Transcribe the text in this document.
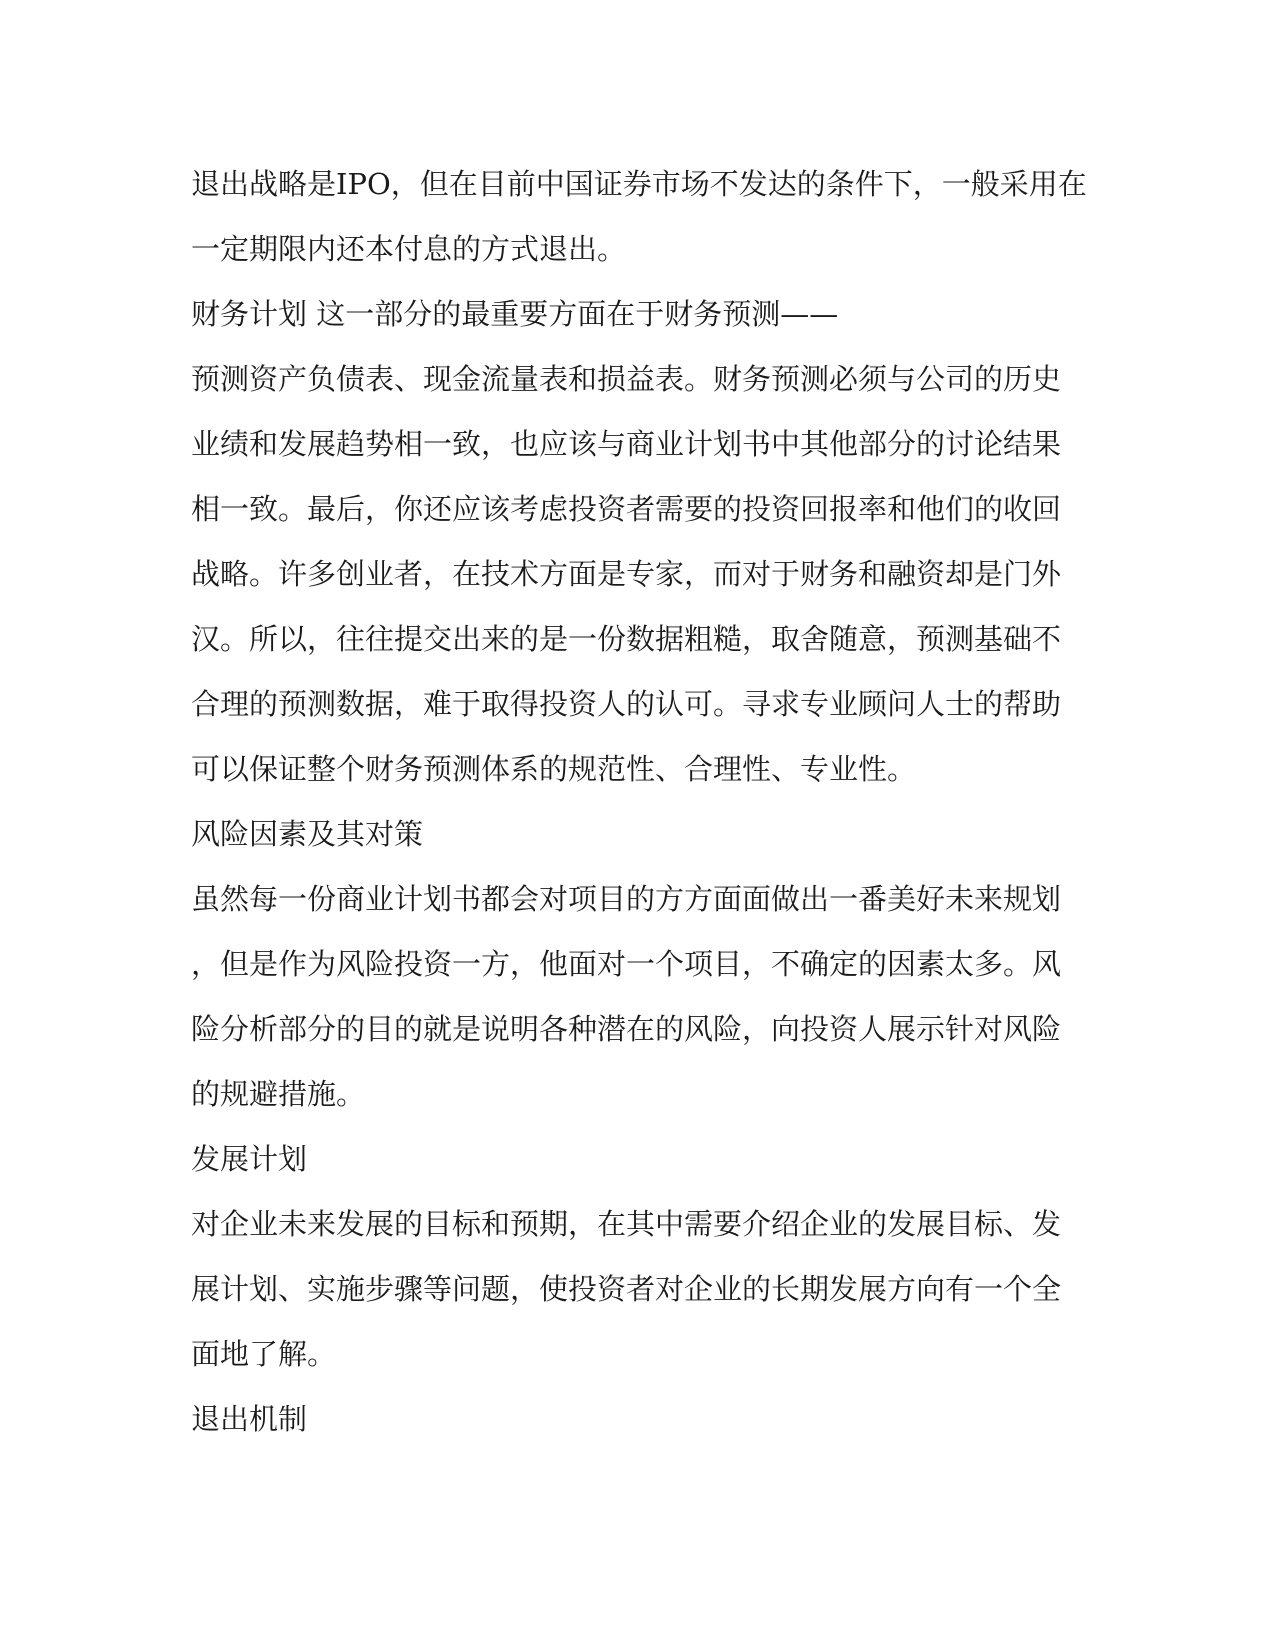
退出战略是IPO，但在目前中国证券市场不发达的条件下，一般采用在
一定期限内还本付息的方式退出。
财务计划 这一部分的最重要方面在于财务预测——
预测资产负债表、现金流量表和损益表。财务预测必须与公司的历史
业绩和发展趋势相一致，也应该与商业计划书中其他部分的讨论结果
相一致。最后，你还应该考虑投资者需要的投资回报率和他们的收回
战略。许多创业者，在技术方面是专家，而对于财务和融资却是门外
汉。所以，往往提交出来的是一份数据粗糙，取舍随意，预测基础不
合理的预测数据，难于取得投资人的认可。寻求专业顾问人士的帮助
可以保证整个财务预测体系的规范性、合理性、专业性。
风险因素及其对策
虽然每一份商业计划书都会对项目的方方面面做出一番美好未来规划
，但是作为风险投资一方，他面对一个项目，不确定的因素太多。风
险分析部分的目的就是说明各种潜在的风险，向投资人展示针对风险
的规避措施。
发展计划
对企业未来发展的目标和预期，在其中需要介绍企业的发展目标、发
展计划、实施步骤等问题，使投资者对企业的长期发展方向有一个全
面地了解。
退出机制
